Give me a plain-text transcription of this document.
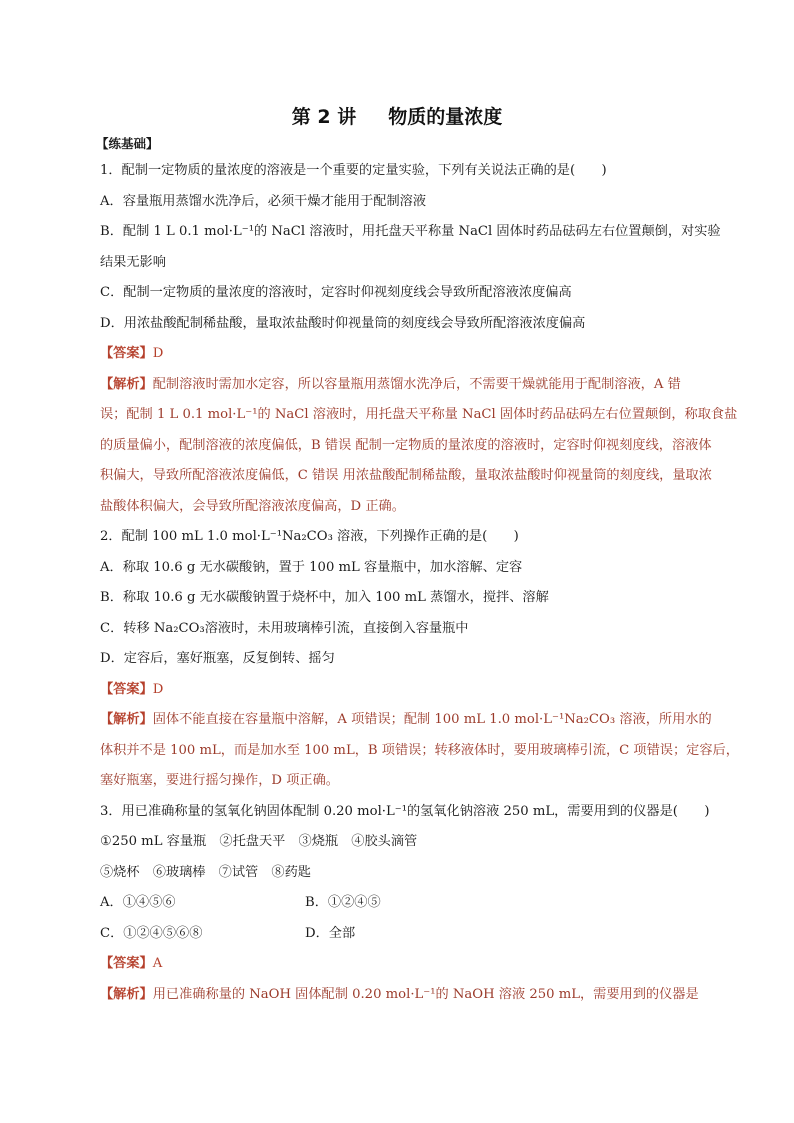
第 2 讲 物质的量浓度

【练基础】

1．配制一定物质的量浓度的溶液是一个重要的定量实验，下列有关说法正确的是(　　)

A．容量瓶用蒸馏水洗净后，必须干燥才能用于配制溶液

B．配制 1 L 0.1 mol·L⁻¹的 NaCl 溶液时，用托盘天平称量 NaCl 固体时药品砝码左右位置颠倒，对实验

结果无影响

C．配制一定物质的量浓度的溶液时，定容时仰视刻度线会导致所配溶液浓度偏高

D．用浓盐酸配制稀盐酸，量取浓盐酸时仰视量筒的刻度线会导致所配溶液浓度偏高

【答案】D

【解析】配制溶液时需加水定容，所以容量瓶用蒸馏水洗净后，不需要干燥就能用于配制溶液，A 错

误；配制 1 L 0.1 mol·L⁻¹的 NaCl 溶液时，用托盘天平称量 NaCl 固体时药品砝码左右位置颠倒，称取食盐

的质量偏小，配制溶液的浓度偏低，B 错误 配制一定物质的量浓度的溶液时，定容时仰视刻度线，溶液体

积偏大，导致所配溶液浓度偏低，C 错误 用浓盐酸配制稀盐酸，量取浓盐酸时仰视量筒的刻度线，量取浓

盐酸体积偏大，会导致所配溶液浓度偏高，D 正确。

2．配制 100 mL 1.0 mol·L⁻¹Na₂CO₃ 溶液，下列操作正确的是(　　)

A．称取 10.6 g 无水碳酸钠，置于 100 mL 容量瓶中，加水溶解、定容

B．称取 10.6 g 无水碳酸钠置于烧杯中，加入 100 mL 蒸馏水，搅拌、溶解

C．转移 Na₂CO₃溶液时，未用玻璃棒引流，直接倒入容量瓶中

D．定容后，塞好瓶塞，反复倒转、摇匀

【答案】D

【解析】固体不能直接在容量瓶中溶解，A 项错误；配制 100 mL 1.0 mol·L⁻¹Na₂CO₃ 溶液，所用水的

体积并不是 100 mL，而是加水至 100 mL，B 项错误；转移液体时，要用玻璃棒引流，C 项错误；定容后，

塞好瓶塞，要进行摇匀操作，D 项正确。

3．用已准确称量的氢氧化钠固体配制 0.20 mol·L⁻¹的氢氧化钠溶液 250 mL，需要用到的仪器是(　　)

①250 mL 容量瓶　②托盘天平　③烧瓶　④胶头滴管

⑤烧杯　⑥玻璃棒　⑦试管　⑧药匙

A．①④⑤⑥	B．①②④⑤

C．①②④⑤⑥⑧	D．全部

【答案】A

【解析】用已准确称量的 NaOH 固体配制 0.20 mol·L⁻¹的 NaOH 溶液 250 mL，需要用到的仪器是
